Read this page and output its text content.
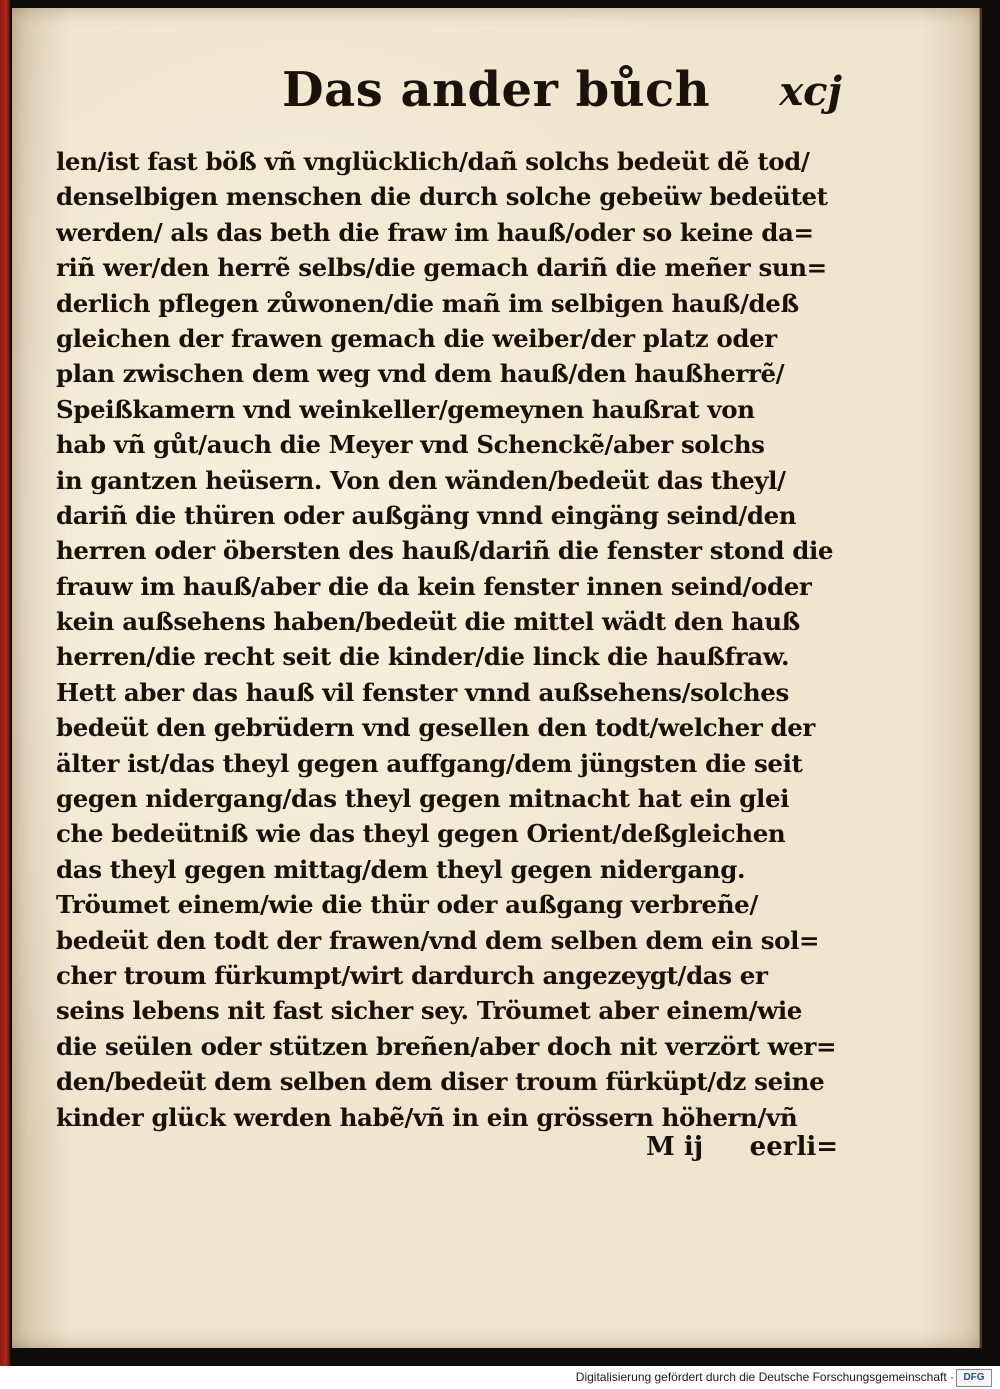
Das ander bůch xcj
len/ist fast böß vñ vnglücklich/dañ solchs bedeüt dẽ tod/
denselbigen menschen die durch solche gebeüw bedeütet
werden/ als das beth die fraw im hauß/oder so keine da=
riñ wer/den herrẽ selbs/die gemach dariñ die meñer sun=
derlich pflegen zůwonen/die mañ im selbigen hauß/deß
gleichen der frawen gemach die weiber/der platz oder
plan zwischen dem weg vnd dem hauß/den haußherrẽ/
Speißkamern vnd weinkeller/gemeynen haußrat von
hab vñ gůt/auch die Meyer vnd Schenckẽ/aber solchs
in gantzen heüsern. Von den wänden/bedeüt das theyl/
dariñ die thüren oder außgäng vnnd eingäng seind/den
herren oder öbersten des hauß/dariñ die fenster stond die
frauw im hauß/aber die da kein fenster innen seind/oder
kein außsehens haben/bedeüt die mittel wädt den hauß
herren/die recht seit die kinder/die linck die haußfraw.
Hett aber das hauß vil fenster vnnd außsehens/solches
bedeüt den gebrüdern vnd gesellen den todt/welcher der
älter ist/das theyl gegen auffgang/dem jüngsten die seit
gegen nidergang/das theyl gegen mitnacht hat ein glei
che bedeütniß wie das theyl gegen Orient/deßgleichen
das theyl gegen mittag/dem theyl gegen nidergang.
Tröumet einem/wie die thür oder außgang verbreñe/
bedeüt den todt der frawen/vnd dem selben dem ein sol=
cher troum fürkumpt/wirt dardurch angezeygt/das er
seins lebens nit fast sicher sey. Tröumet aber einem/wie
die seülen oder stützen breñen/aber doch nit verzört wer=
den/bedeüt dem selben dem diser troum fürküpt/dz seine
kinder glück werden habẽ/vñ in ein grössern höhern/vñ
M ij eerli=
Digitalisierung gefördert durch die Deutsche Forschungsgemeinschaft · DFG
